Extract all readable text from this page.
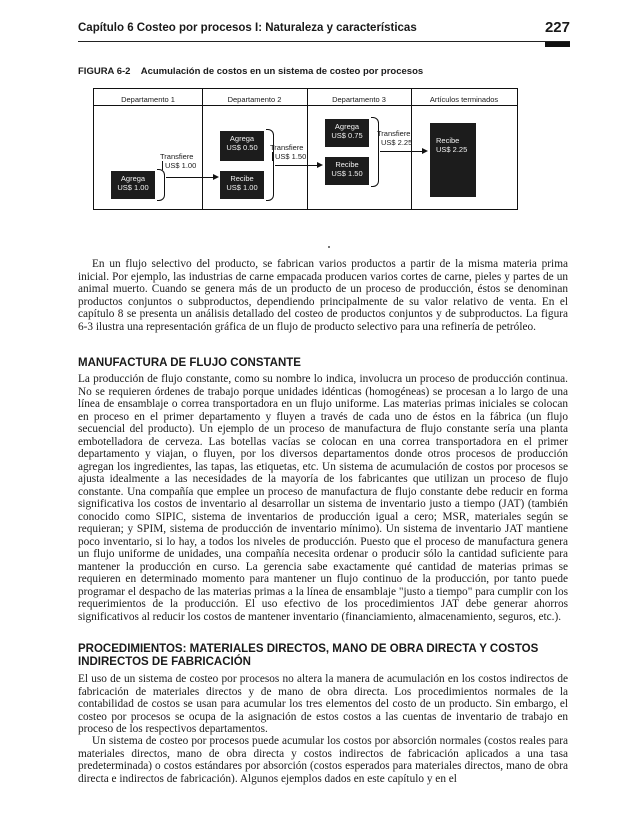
Capítulo 6 Costeo por procesos I: Naturaleza y características	227
FIGURA 6-2 Acumulación de costos en un sistema de costeo por procesos
Departamento 1	Departamento 2	Departamento 3	Artículos terminados
Agrega
US$ 1.00
Transfiere
US$ 1.00
Agrega
US$ 0.50
Recibe
US$ 1.00
Transfiere
US$ 1.50
Agrega
US$ 0.75
Recibe
US$ 1.50
Transfiere
US$ 2.25	Recibe
US$ 2.25

En un flujo selectivo del producto, se fabrican varios productos a partir de la misma materia prima inicial. Por ejemplo, las industrias de carne empacada producen varios cortes de carne, pieles y partes de un animal muerto. Cuando se genera más de un producto de un proceso de producción, éstos se denominan productos conjuntos o subproductos, dependiendo principalmente de su valor relativo de venta. En el capítulo 8 se presenta un análisis detallado del costeo de productos conjuntos y de subproductos. La figura 6-3 ilustra una representación gráfica de un flujo de producto selectivo para una refinería de petróleo.

MANUFACTURA DE FLUJO CONSTANTE

La producción de flujo constante, como su nombre lo indica, involucra un proceso de producción continua. No se requieren órdenes de trabajo porque unidades idénticas (homogéneas) se procesan a lo largo de una línea de ensamblaje o correa transportadora en un flujo uniforme. Las materias primas iniciales se colocan en proceso en el primer departamento y fluyen a través de cada uno de éstos en la fábrica (un flujo secuencial del producto). Un ejemplo de un proceso de manufactura de flujo constante sería una planta embotelladora de cerveza. Las botellas vacías se colocan en una correa transportadora en el primer departamento y viajan, o fluyen, por los diversos departamentos donde otros procesos de producción agregan los ingredientes, las tapas, las etiquetas, etc. Un sistema de acumulación de costos por procesos se ajusta idealmente a las necesidades de la mayoría de los fabricantes que utilizan un proceso de flujo constante. Una compañía que emplee un proceso de manufactura de flujo constante debe reducir en forma significativa los costos de inventario al desarrollar un sistema de inventario justo a tiempo (JAT) (también conocido como SIPIC, sistema de inventarios de producción igual a cero; MSR, materiales según se requieran; y SPIM, sistema de producción de inventario mínimo). Un sistema de inventario JAT mantiene poco inventario, si lo hay, a todos los niveles de producción. Puesto que el proceso de manufactura genera un flujo uniforme de unidades, una compañía necesita ordenar o producir sólo la cantidad suficiente para mantener la producción en curso. La gerencia sabe exactamente qué cantidad de materias primas se requieren en determinado momento para mantener un flujo continuo de la producción, por tanto puede programar el despacho de las materias primas a la línea de ensamblaje "justo a tiempo" para cumplir con los requerimientos de la producción. El uso efectivo de los procedimientos JAT debe generar ahorros significativos al reducir los costos de mantener inventario (financiamiento, almacenamiento, seguros, etc.).

PROCEDIMIENTOS: MATERIALES DIRECTOS, MANO DE OBRA DIRECTA Y COSTOS INDIRECTOS DE FABRICACIÓN

El uso de un sistema de costeo por procesos no altera la manera de acumulación en los costos indirectos de fabricación de materiales directos y de mano de obra directa. Los procedimientos normales de la contabilidad de costos se usan para acumular los tres elementos del costo de un producto. Sin embargo, el costeo por procesos se ocupa de la asignación de estos costos a las cuentas de inventario de trabajo en proceso de los respectivos departamentos.

Un sistema de costeo por procesos puede acumular los costos por absorción normales (costos reales para materiales directos, mano de obra directa y costos indirectos de fabricación aplicados a una tasa predeterminada) o costos estándares por absorción (costos esperados para materiales directos, mano de obra directa e indirectos de fabricación). Algunos ejemplos dados en este capítulo y en el
